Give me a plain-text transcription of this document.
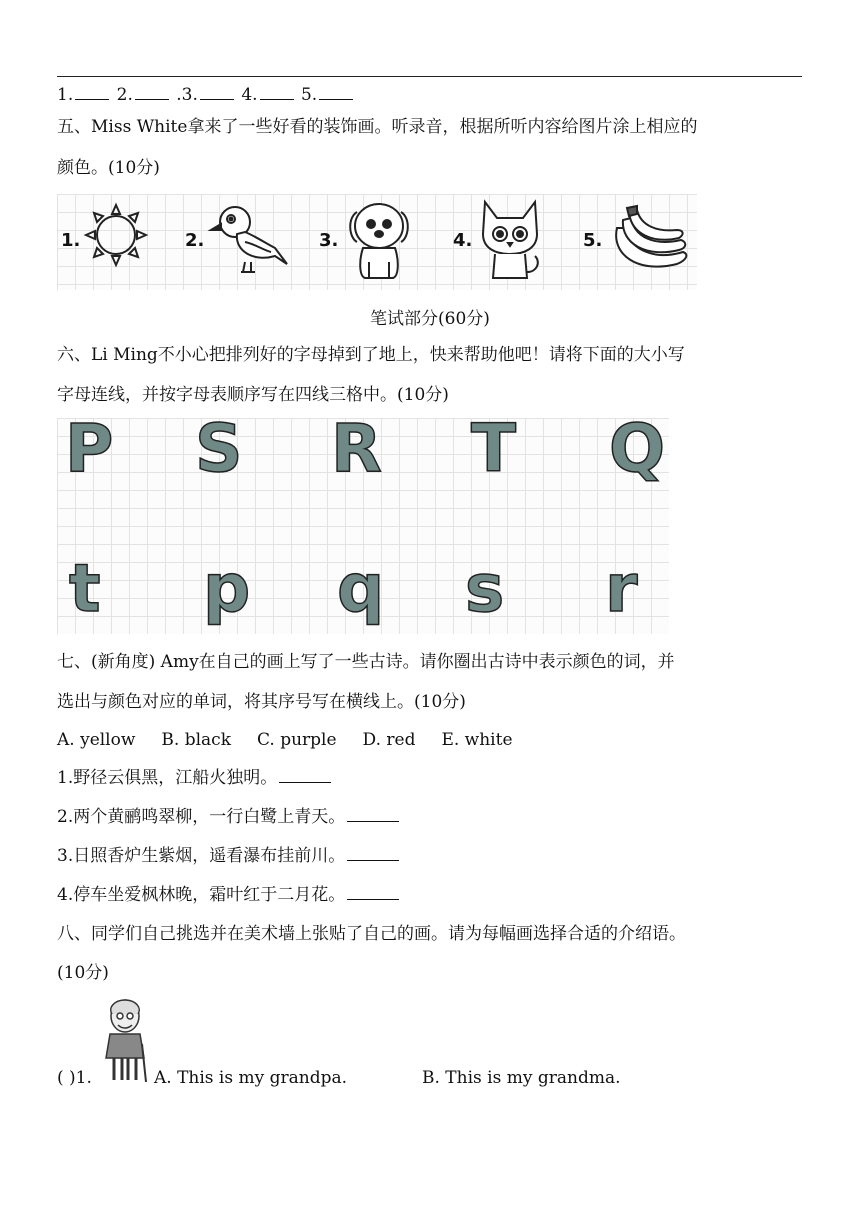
1.	2.	.3.	4.	5.
五、Miss White拿来了一些好看的装饰画。听录音，根据所听内容给图片涂上相应的
颜色。(10分)
1.	2.	3.	4.	5.
笔试部分(60分)
六、Li Ming不小心把排列好的字母掉到了地上，快来帮助他吧！请将下面的大小写
字母连线，并按字母表顺序写在四线三格中。(10分)
P S R T Q
t p q s r
七、(新角度) Amy在自己的画上写了一些古诗。请你圈出古诗中表示颜色的词，并
选出与颜色对应的单词，将其序号写在横线上。(10分)
A. yellow B. black C. purple D. red E. white
1.野径云俱黑，江船火独明。
2.两个黄鹂鸣翠柳，一行白鹭上青天。
3.日照香炉生紫烟，遥看瀑布挂前川。
4.停车坐爱枫林晚，霜叶红于二月花。
八、同学们自己挑选并在美术墙上张贴了自己的画。请为每幅画选择合适的介绍语。
(10分)
( )1.	A. This is my grandpa.	B. This is my grandma.
